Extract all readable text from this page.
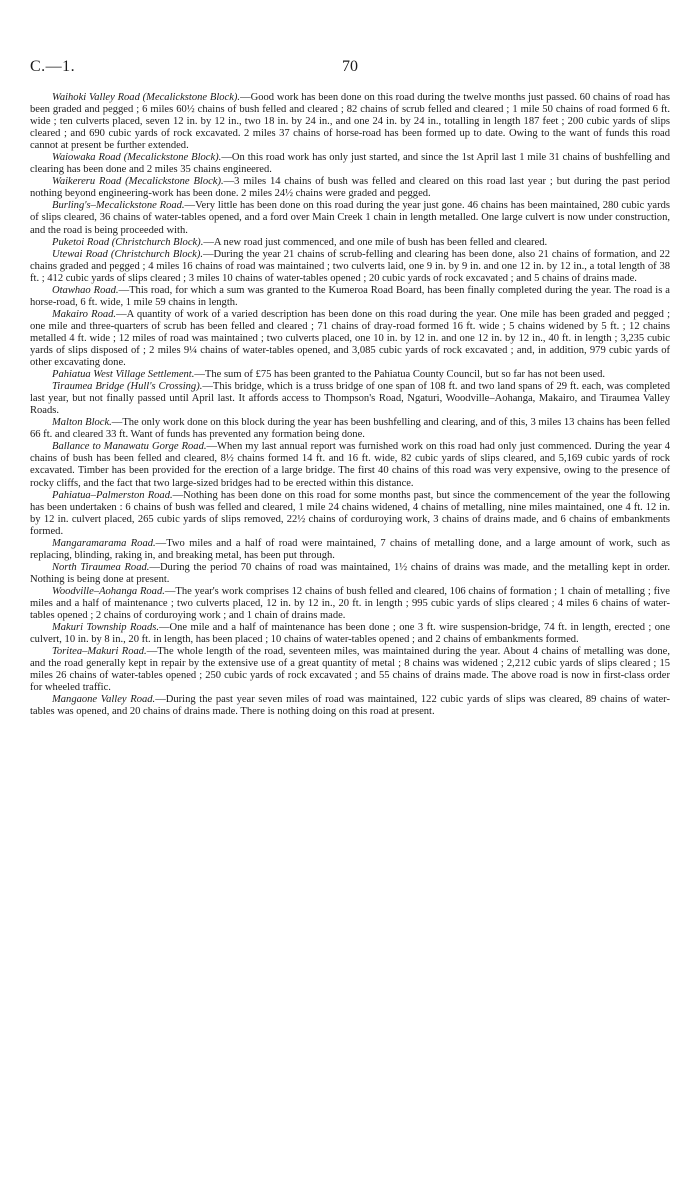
C.—1.	70

Waihoki Valley Road (Mecalickstone Block).—Good work has been done on this road during the twelve months just passed. 60 chains of road has been graded and pegged ; 6 miles 60½ chains of bush felled and cleared ; 82 chains of scrub felled and cleared ; 1 mile 50 chains of road formed 6 ft. wide ; ten culverts placed, seven 12 in. by 12 in., two 18 in. by 24 in., and one 24 in. by 24 in., totalling in length 187 feet ; 200 cubic yards of slips cleared ; and 690 cubic yards of rock excavated. 2 miles 37 chains of horse-road has been formed up to date. Owing to the want of funds this road cannot at present be further extended.

Waiowaka Road (Mecalickstone Block).—On this road work has only just started, and since the 1st April last 1 mile 31 chains of bushfelling and clearing has been done and 2 miles 35 chains engineered.

Waikereru Road (Mecalickstone Block).—3 miles 14 chains of bush was felled and cleared on this road last year ; but during the past period nothing beyond engineering-work has been done. 2 miles 24½ chains were graded and pegged.

Burling's–Mecalickstone Road.—Very little has been done on this road during the year just gone. 46 chains has been maintained, 280 cubic yards of slips cleared, 36 chains of water-tables opened, and a ford over Main Creek 1 chain in length metalled. One large culvert is now under construction, and the road is being proceeded with.

Puketoi Road (Christchurch Block).—A new road just commenced, and one mile of bush has been felled and cleared.

Utewai Road (Christchurch Block).—During the year 21 chains of scrub-felling and clearing has been done, also 21 chains of formation, and 22 chains graded and pegged ; 4 miles 16 chains of road was maintained ; two culverts laid, one 9 in. by 9 in. and one 12 in. by 12 in., a total length of 38 ft. ; 412 cubic yards of slips cleared ; 3 miles 10 chains of water-tables opened ; 20 cubic yards of rock excavated ; and 5 chains of drains made.

Otawhao Road.—This road, for which a sum was granted to the Kumeroa Road Board, has been finally completed during the year. The road is a horse-road, 6 ft. wide, 1 mile 59 chains in length.

Makairo Road.—A quantity of work of a varied description has been done on this road during the year. One mile has been graded and pegged ; one mile and three-quarters of scrub has been felled and cleared ; 71 chains of dray-road formed 16 ft. wide ; 5 chains widened by 5 ft. ; 12 chains metalled 4 ft. wide ; 12 miles of road was maintained ; two culverts placed, one 10 in. by 12 in. and one 12 in. by 12 in., 40 ft. in length ; 3,235 cubic yards of slips disposed of ; 2 miles 9¼ chains of water-tables opened, and 3,085 cubic yards of rock excavated ; and, in addition, 979 cubic yards of other excavating done.

Pahiatua West Village Settlement.—The sum of £75 has been granted to the Pahiatua County Council, but so far has not been used.

Tiraumea Bridge (Hull's Crossing).—This bridge, which is a truss bridge of one span of 108 ft. and two land spans of 29 ft. each, was completed last year, but not finally passed until April last. It affords access to Thompson's Road, Ngaturi, Woodville–Aohanga, Makairo, and Tiraumea Valley Roads.

Malton Block.—The only work done on this block during the year has been bushfelling and clearing, and of this, 3 miles 13 chains has been felled 66 ft. and cleared 33 ft. Want of funds has prevented any formation being done.

Ballance to Manawatu Gorge Road.—When my last annual report was furnished work on this road had only just commenced. During the year 4 chains of bush has been felled and cleared, 8½ chains formed 14 ft. and 16 ft. wide, 82 cubic yards of slips cleared, and 5,169 cubic yards of rock excavated. Timber has been provided for the erection of a large bridge. The first 40 chains of this road was very expensive, owing to the presence of rocky cliffs, and the fact that two large-sized bridges had to be erected within this distance.

Pahiatua–Palmerston Road.—Nothing has been done on this road for some months past, but since the commencement of the year the following has been undertaken : 6 chains of bush was felled and cleared, 1 mile 24 chains widened, 4 chains of metalling, nine miles maintained, one 4 ft. 12 in. by 12 in. culvert placed, 265 cubic yards of slips removed, 22½ chains of corduroying work, 3 chains of drains made, and 6 chains of embankments formed.

Mangaramarama Road.—Two miles and a half of road were maintained, 7 chains of metalling done, and a large amount of work, such as replacing, blinding, raking in, and breaking metal, has been put through.

North Tiraumea Road.—During the period 70 chains of road was maintained, 1½ chains of drains was made, and the metalling kept in order. Nothing is being done at present.

Woodville–Aohanga Road.—The year's work comprises 12 chains of bush felled and cleared, 106 chains of formation ; 1 chain of metalling ; five miles and a half of maintenance ; two culverts placed, 12 in. by 12 in., 20 ft. in length ; 995 cubic yards of slips cleared ; 4 miles 6 chains of water-tables opened ; 2 chains of corduroying work ; and 1 chain of drains made.

Makuri Township Roads.—One mile and a half of maintenance has been done ; one 3 ft. wire suspension-bridge, 74 ft. in length, erected ; one culvert, 10 in. by 8 in., 20 ft. in length, has been placed ; 10 chains of water-tables opened ; and 2 chains of embankments formed.

Toritea–Makuri Road.—The whole length of the road, seventeen miles, was maintained during the year. About 4 chains of metalling was done, and the road generally kept in repair by the extensive use of a great quantity of metal ; 8 chains was widened ; 2,212 cubic yards of slips cleared ; 15 miles 26 chains of water-tables opened ; 250 cubic yards of rock excavated ; and 55 chains of drains made. The above road is now in first-class order for wheeled traffic.

Mangaone Valley Road.—During the past year seven miles of road was maintained, 122 cubic yards of slips was cleared, 89 chains of water-tables was opened, and 20 chains of drains made. There is nothing doing on this road at present.
